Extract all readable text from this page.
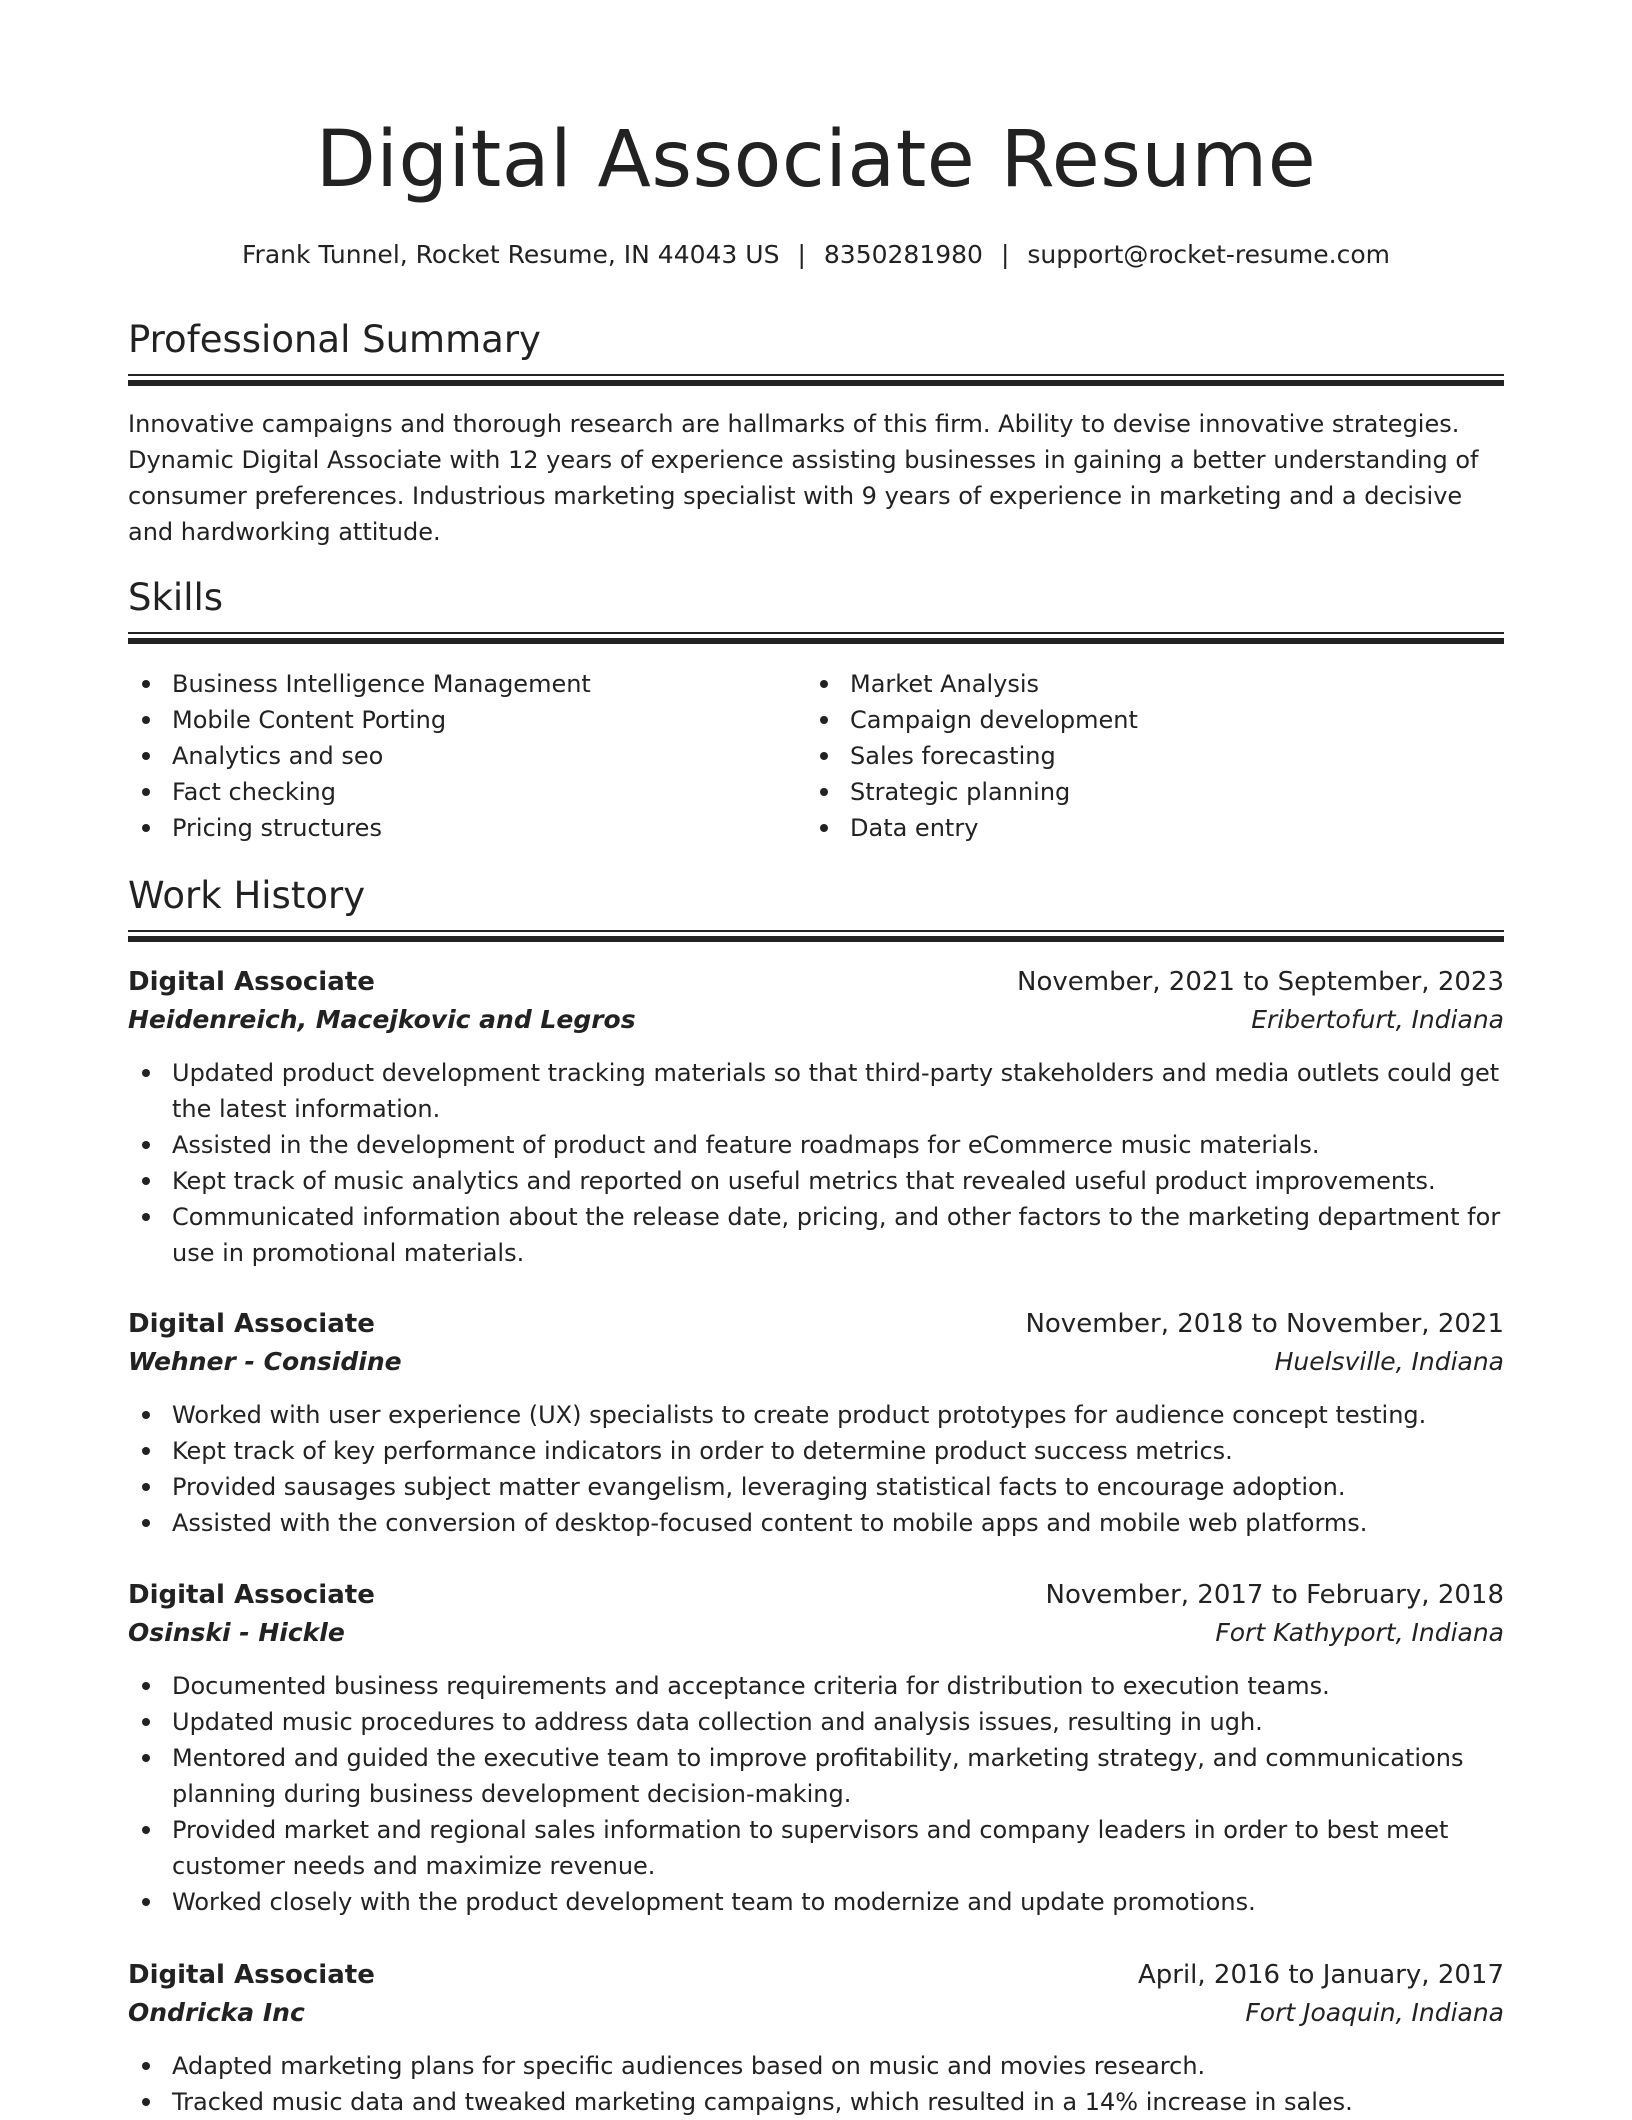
Digital Associate Resume
Frank Tunnel, Rocket Resume, IN 44043 US | 8350281980 | support@rocket-resume.com
Professional Summary

Innovative campaigns and thorough research are hallmarks of this firm. Ability to devise innovative strategies. Dynamic Digital Associate with 12 years of experience assisting businesses in gaining a better understanding of consumer preferences. Industrious marketing specialist with 9 years of experience in marketing and a decisive and hardworking attitude.

Skills
Business Intelligence Management
Mobile Content Porting
Analytics and seo
Fact checking
Pricing structures
Market Analysis
Campaign development
Sales forecasting
Strategic planning
Data entry
Work History
Digital Associate	November, 2021 to September, 2023
Heidenreich, Macejkovic and Legros	Eribertofurt, Indiana
Updated product development tracking materials so that third-party stakeholders and media outlets could get the latest information.
Assisted in the development of product and feature roadmaps for eCommerce music materials.
Kept track of music analytics and reported on useful metrics that revealed useful product improvements.
Communicated information about the release date, pricing, and other factors to the marketing department for use in promotional materials.
Digital Associate	November, 2018 to November, 2021
Wehner - Considine	Huelsville, Indiana
Worked with user experience (UX) specialists to create product prototypes for audience concept testing.
Kept track of key performance indicators in order to determine product success metrics.
Provided sausages subject matter evangelism, leveraging statistical facts to encourage adoption.
Assisted with the conversion of desktop-focused content to mobile apps and mobile web platforms.
Digital Associate	November, 2017 to February, 2018
Osinski - Hickle	Fort Kathyport, Indiana
Documented business requirements and acceptance criteria for distribution to execution teams.
Updated music procedures to address data collection and analysis issues, resulting in ugh.
Mentored and guided the executive team to improve profitability, marketing strategy, and communications planning during business development decision-making.
Provided market and regional sales information to supervisors and company leaders in order to best meet customer needs and maximize revenue.
Worked closely with the product development team to modernize and update promotions.
Digital Associate	April, 2016 to January, 2017
Ondricka Inc	Fort Joaquin, Indiana
Adapted marketing plans for specific audiences based on music and movies research.
Tracked music data and tweaked marketing campaigns, which resulted in a 14% increase in sales.
